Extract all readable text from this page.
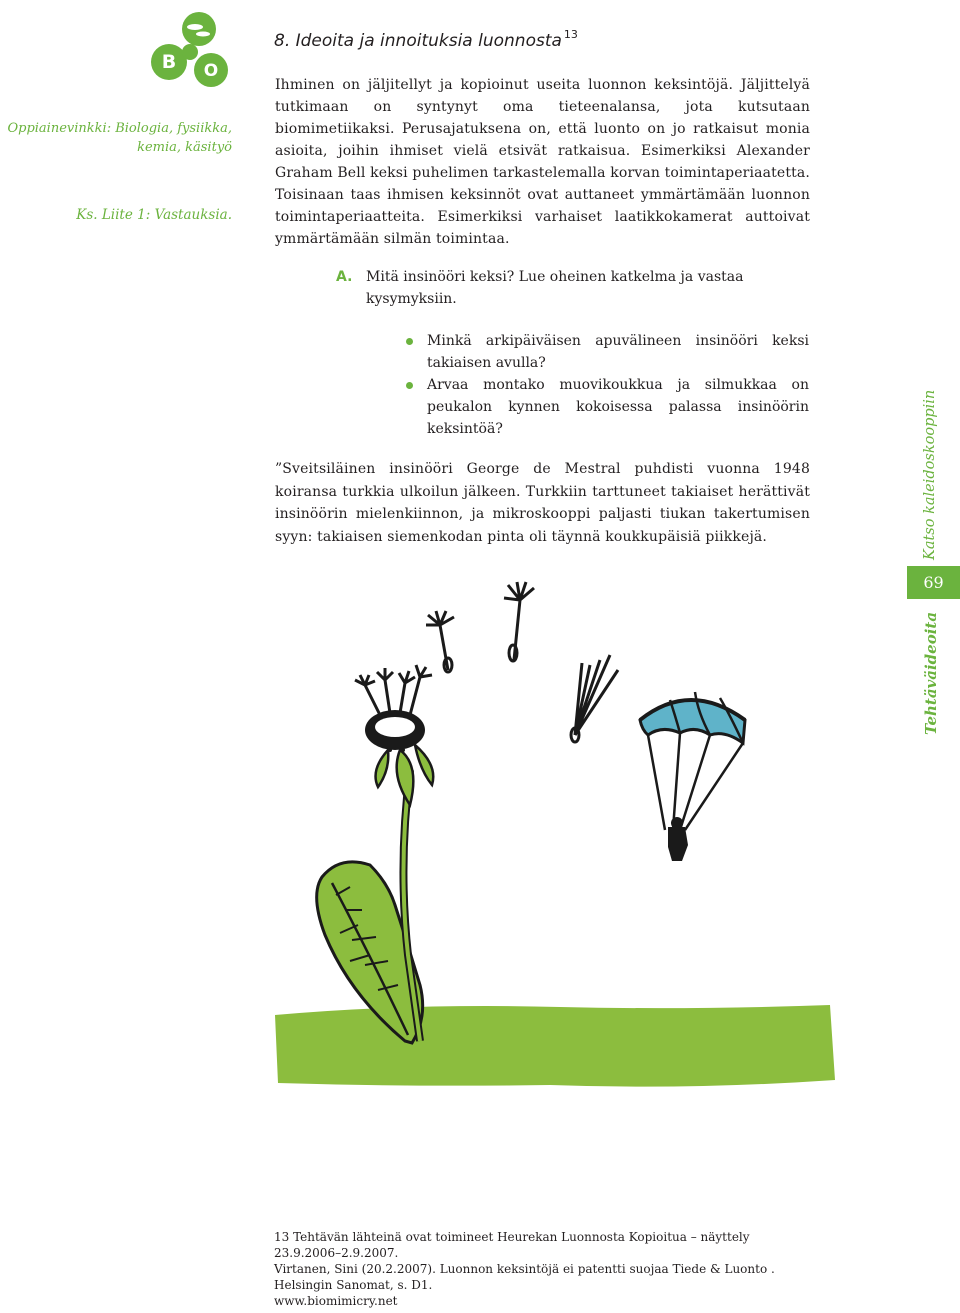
B O
Oppiainevinkki: Biologia, fysiikka, kemia, käsityö
Ks. Liite 1: Vastauksia.
8. Ideoita ja innoituksia luonnosta $^{13}$

Ihminen on jäljitellyt ja kopioinut useita luonnon keksintöjä. Jäljittelyä tutkimaan on syntynyt oma tieteenalansa, jota kutsutaan biomimetiikaksi. Perusajatuksena on, että luonto on jo ratkaisut monia asioita, joihin ihmiset vielä etsivät ratkaisua. Esimerkiksi Alexander Graham Bell keksi puhelimen tarkastelemalla korvan toimintaperiaatetta. Toisinaan taas ihmisen keksinnöt ovat auttaneet ymmärtämään luonnon toimintaperiaatteita. Esimerkiksi varhaiset laatikkokamerat auttoivat ymmärtämään silmän toimintaa.

A. Mitä insinööri keksi? Lue oheinen katkelma ja vastaa kysymyksiin.
Minkä arkipäiväisen apuvälineen insinööri keksi takiaisen avulla?
Arvaa montako muovikoukkua ja silmukkaa on peukalon kynnen kokoisessa palassa insinöörin keksintöä?

”Sveitsiläinen insinööri George de Mestral puhdisti vuonna 1948 koiransa turkkia ulkoilun jälkeen. Turkkiin tarttuneet takiaiset herättivät insinöörin mielenkiinnon, ja mikroskooppi paljasti tiukan takertumisen syyn: takiaisen siemenkodan pinta oli täynnä koukkupäisiä piikkejä.	Katso kaleidoskooppiin
69
Tehtäväideoita
13 Tehtävän lähteinä ovat toimineet Heurekan Luonnosta Kopioitua – näyttely
23.9.2006–2.9.2007.
Virtanen, Sini (20.2.2007). Luonnon keksintöjä ei patentti suojaa Tiede & Luonto .
Helsingin Sanomat, s. D1.
www.biomimicry.net
